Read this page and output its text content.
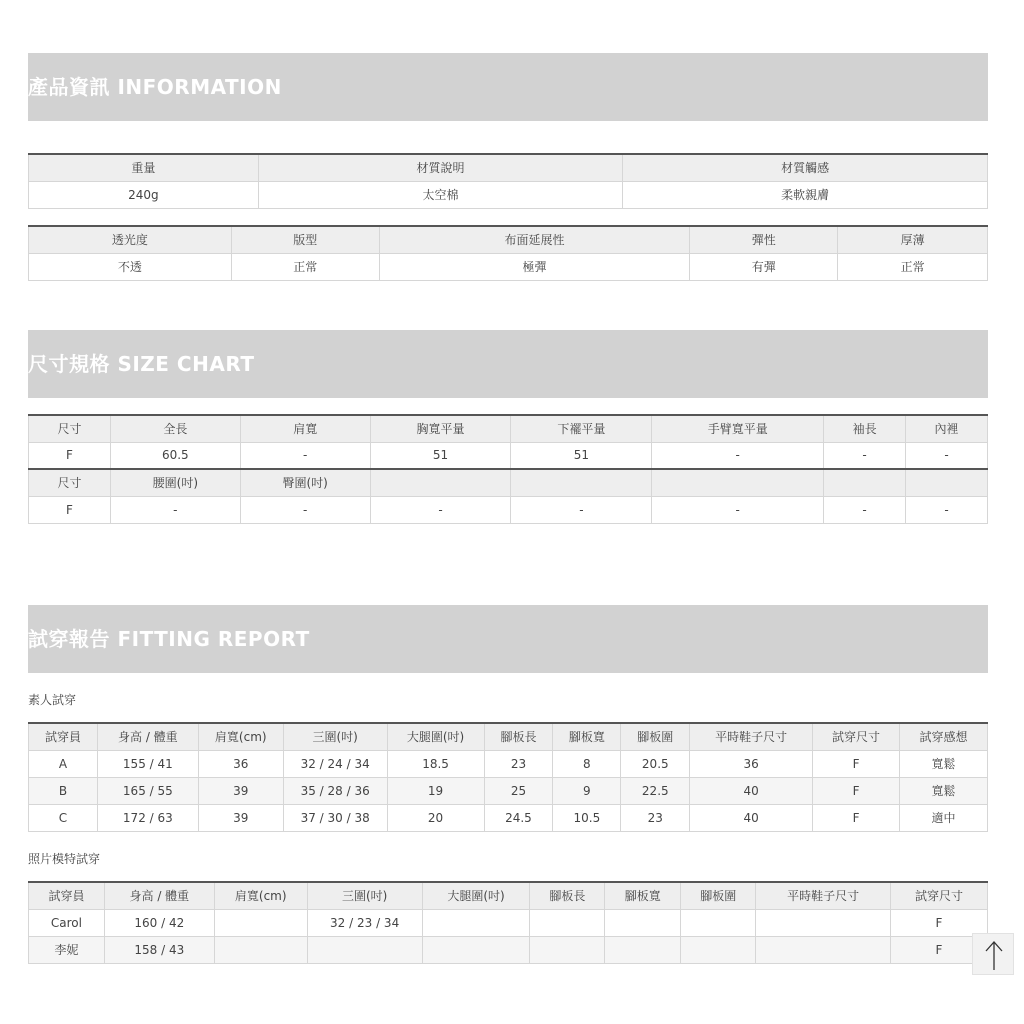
產品資訊 INFORMATION
重量	材質說明	材質觸感
240g	太空棉	柔軟親膚
透光度	版型	布面延展性	彈性	厚薄
不透	正常	極彈	有彈	正常
尺寸規格 SIZE CHART
尺寸	全長	肩寬	胸寬平量	下襬平量	手臂寬平量	袖長	內裡
F	60.5	-	51	51	-	-	-
尺寸	腰圍(吋)	臀圍(吋)					
F	-	-	-	-	-	-	-
試穿報告 FITTING REPORT
素人試穿
試穿員	身高 / 體重	肩寬(cm)	三圍(吋)	大腿圍(吋)	腳板長	腳板寬	腳板圍	平時鞋子尺寸	試穿尺寸	試穿感想
A	155 / 41	36	32 / 24 / 34	18.5	23	8	20.5	36	F	寬鬆
B	165 / 55	39	35 / 28 / 36	19	25	9	22.5	40	F	寬鬆
C	172 / 63	39	37 / 30 / 38	20	24.5	10.5	23	40	F	適中
照片模特試穿
試穿員	身高 / 體重	肩寬(cm)	三圍(吋)	大腿圍(吋)	腳板長	腳板寬	腳板圍	平時鞋子尺寸	試穿尺寸
Carol	160 / 42		32 / 23 / 34						F
李妮	158 / 43								F
